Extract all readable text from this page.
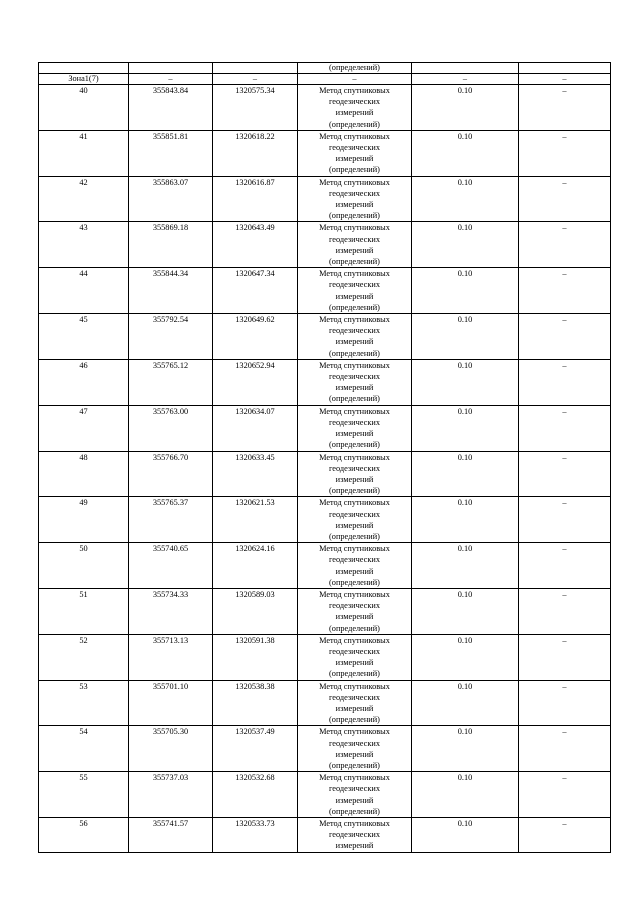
			(определений)		
Зона1(7)	–	–	–	–	–
40	355843.84	1320575.34	Метод спутниковых
геодезических
измерений
(определений)	0.10	–
41	355851.81	1320618.22	Метод спутниковых
геодезических
измерений
(определений)	0.10	–
42	355863.07	1320616.87	Метод спутниковых
геодезических
измерений
(определений)	0.10	–
43	355869.18	1320643.49	Метод спутниковых
геодезических
измерений
(определений)	0.10	–
44	355844.34	1320647.34	Метод спутниковых
геодезических
измерений
(определений)	0.10	–
45	355792.54	1320649.62	Метод спутниковых
геодезических
измерений
(определений)	0.10	–
46	355765.12	1320652.94	Метод спутниковых
геодезических
измерений
(определений)	0.10	–
47	355763.00	1320634.07	Метод спутниковых
геодезических
измерений
(определений)	0.10	–
48	355766.70	1320633.45	Метод спутниковых
геодезических
измерений
(определений)	0.10	–
49	355765.37	1320621.53	Метод спутниковых
геодезических
измерений
(определений)	0.10	–
50	355740.65	1320624.16	Метод спутниковых
геодезических
измерений
(определений)	0.10	–
51	355734.33	1320589.03	Метод спутниковых
геодезических
измерений
(определений)	0.10	–
52	355713.13	1320591.38	Метод спутниковых
геодезических
измерений
(определений)	0.10	–
53	355701.10	1320538.38	Метод спутниковых
геодезических
измерений
(определений)	0.10	–
54	355705.30	1320537.49	Метод спутниковых
геодезических
измерений
(определений)	0.10	–
55	355737.03	1320532.68	Метод спутниковых
геодезических
измерений
(определений)	0.10	–
56	355741.57	1320533.73	Метод спутниковых
геодезических
измерений	0.10	–
